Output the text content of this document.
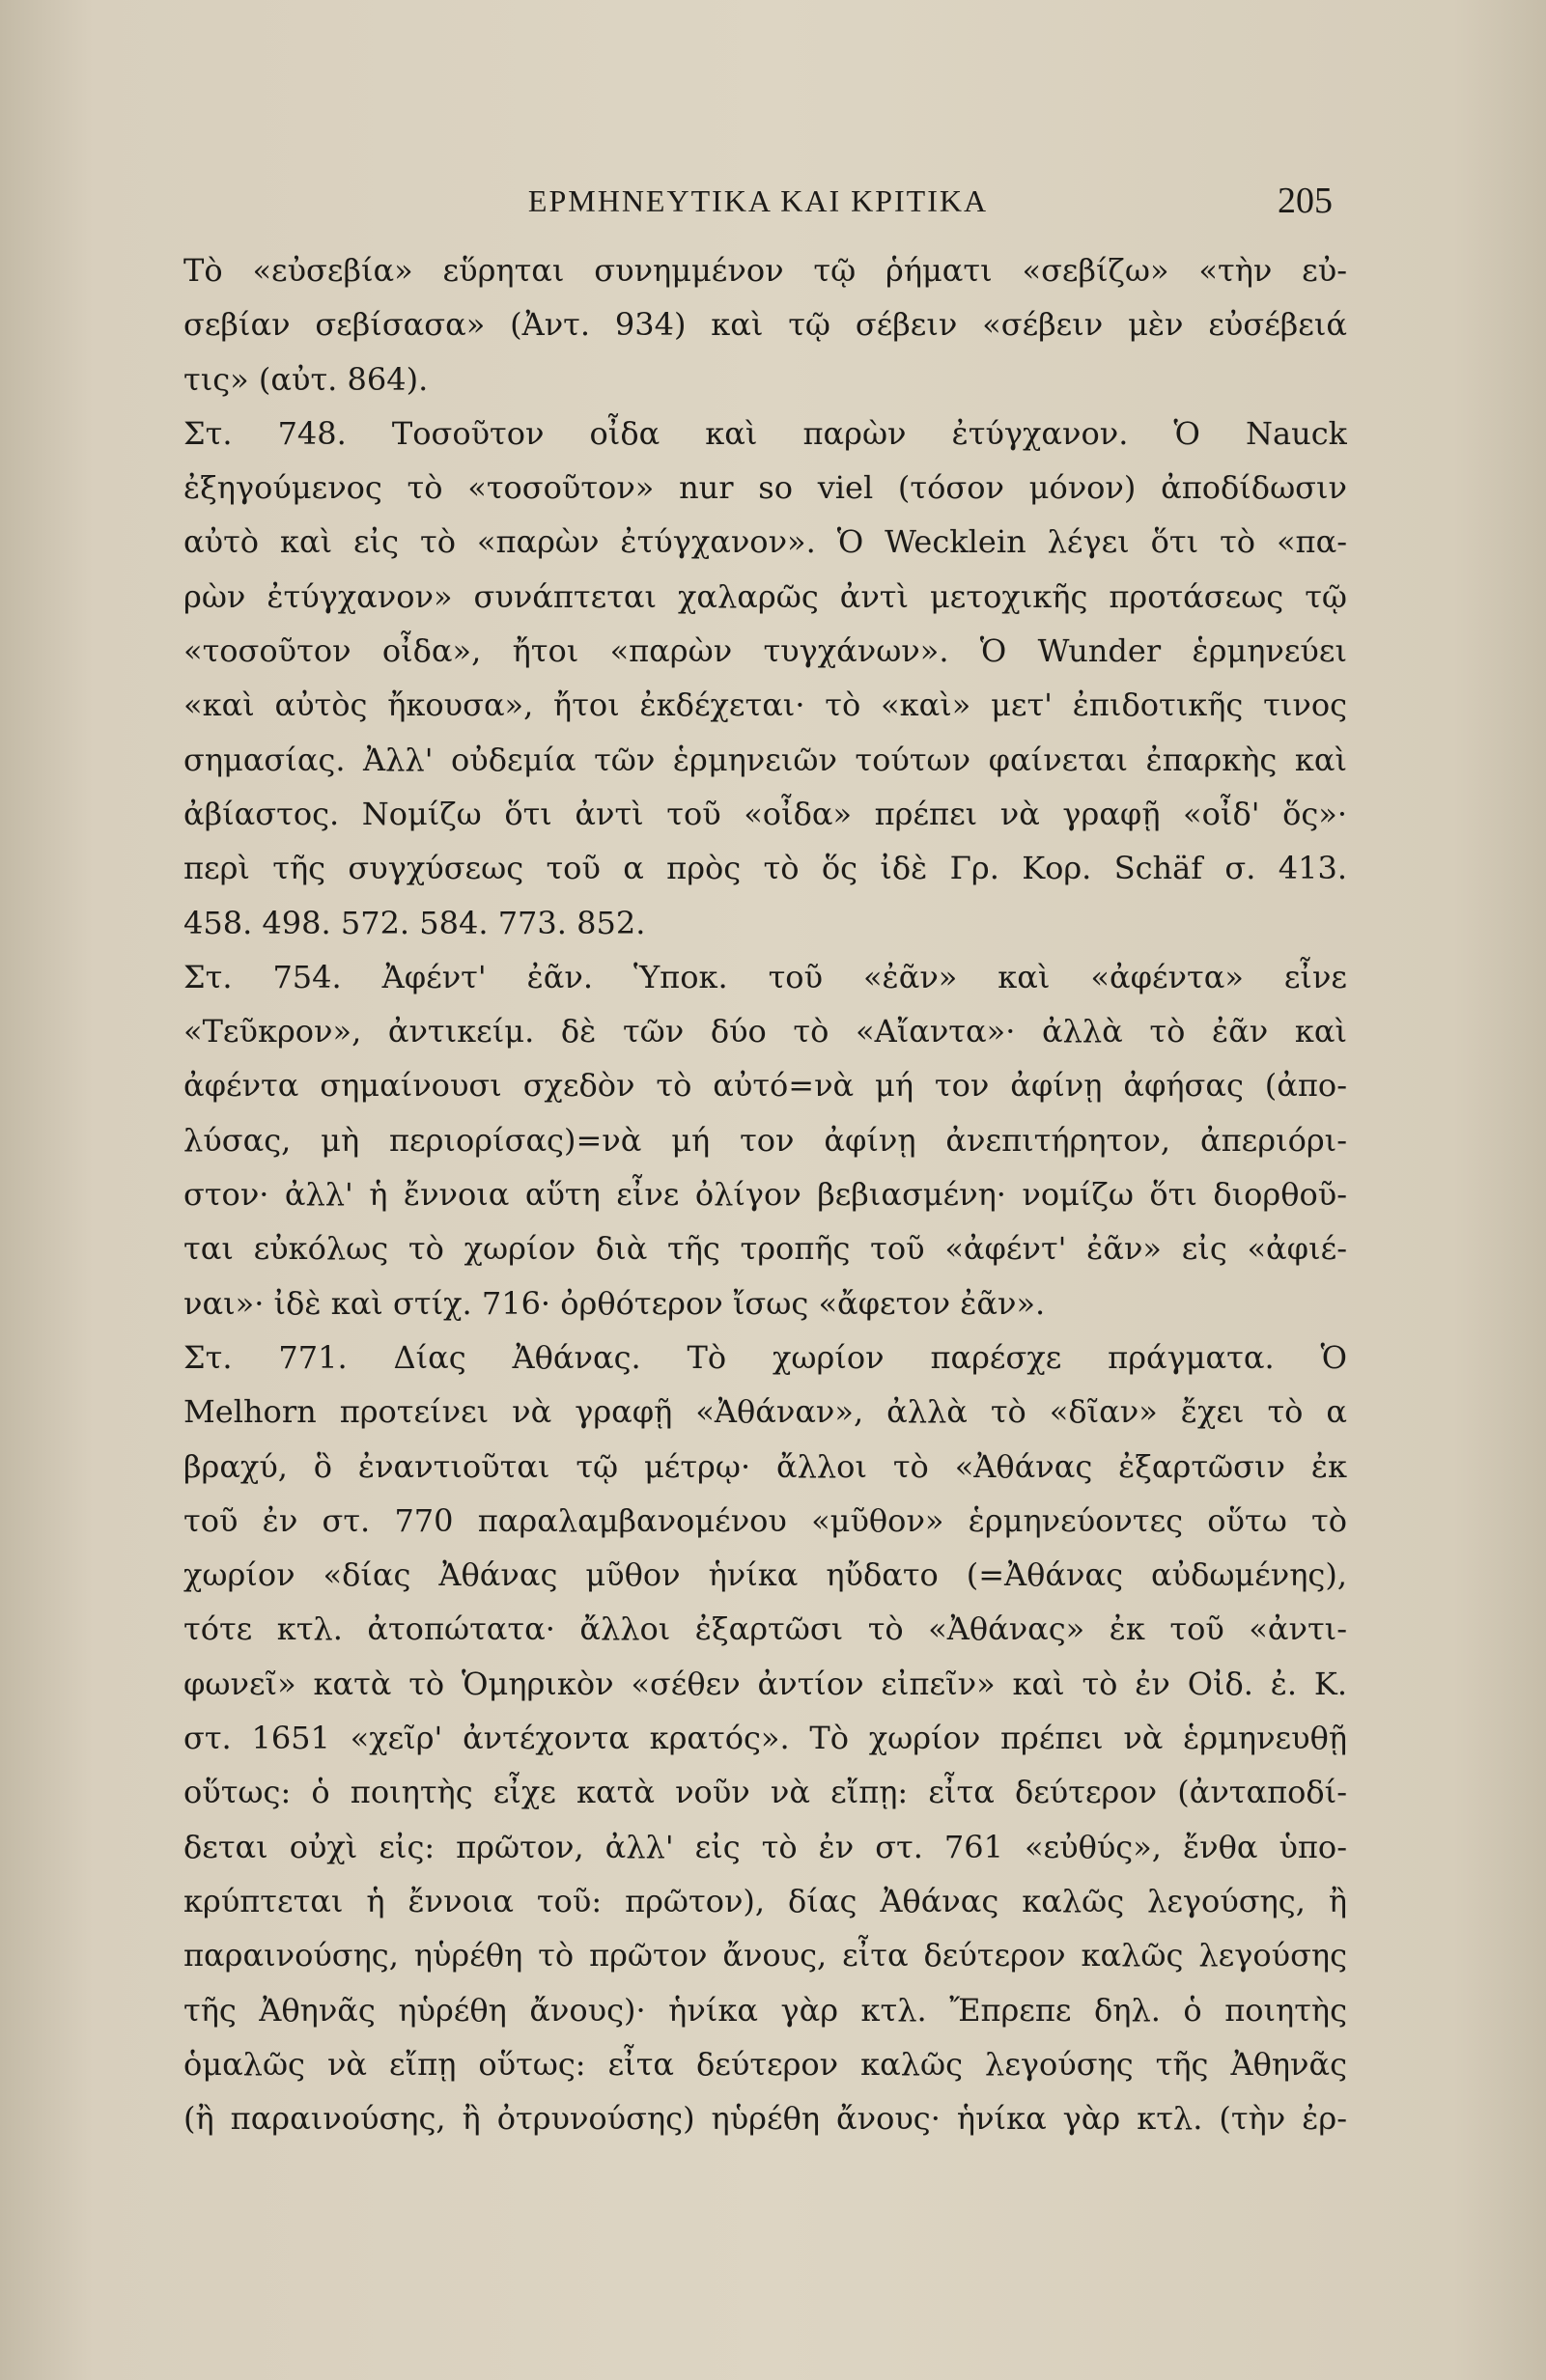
ΕΡΜΗΝΕΥΤΙΚΑ ΚΑΙ ΚΡΙΤΙΚΑ	205
Τὸ «εὐσεβία» εὕρηται συνημμένον τῷ ῥήματι «σεβίζω» «τὴν εὐ-
σεβίαν σεβίσασα» (Ἀντ. 934) καὶ τῷ σέβειν «σέβειν μὲν εὐσέβειά
τις» (αὐτ. 864).
Στ. 748. Τοσοῦτον οἶδα καὶ παρὼν ἐτύγχανον. Ὁ Nauck
ἐξηγούμενος τὸ «τοσοῦτον» nur so viel (τόσον μόνον) ἀποδίδωσιν
αὐτὸ καὶ εἰς τὸ «παρὼν ἐτύγχανον». Ὁ Wecklein λέγει ὅτι τὸ «πα-
ρὼν ἐτύγχανον» συνάπτεται χαλαρῶς ἀντὶ μετοχικῆς προτάσεως τῷ
«τοσοῦτον οἶδα», ἤτοι «παρὼν τυγχάνων». Ὁ Wunder ἑρμηνεύει
«καὶ αὐτὸς ἤκουσα», ἤτοι ἐκδέχεται· τὸ «καὶ» μετ' ἐπιδοτικῆς τινος
σημασίας. Ἀλλ' οὐδεμία τῶν ἑρμηνειῶν τούτων φαίνεται ἐπαρκὴς καὶ
ἀβίαστος. Νομίζω ὅτι ἀντὶ τοῦ «οἶδα» πρέπει νὰ γραφῇ «οἶδ' ὅς»·
περὶ τῆς συγχύσεως τοῦ α πρὸς τὸ ὅς ἰδὲ Γρ. Κορ. Schäf σ. 413.
458. 498. 572. 584. 773. 852.
Στ. 754. Ἀφέντ' ἐᾶν. Ὑποκ. τοῦ «ἐᾶν» καὶ «ἀφέντα» εἶνε
«Τεῦκρον», ἀντικείμ. δὲ τῶν δύο τὸ «Αἴαντα»· ἀλλὰ τὸ ἐᾶν καὶ
ἀφέντα σημαίνουσι σχεδὸν τὸ αὐτό=νὰ μή τον ἀφίνῃ ἀφήσας (ἀπο-
λύσας, μὴ περιορίσας)=νὰ μή τον ἀφίνῃ ἀνεπιτήρητον, ἀπεριόρι-
στον· ἀλλ' ἡ ἔννοια αὕτη εἶνε ὀλίγον βεβιασμένη· νομίζω ὅτι διορθοῦ-
ται εὐκόλως τὸ χωρίον διὰ τῆς τροπῆς τοῦ «ἀφέντ' ἐᾶν» εἰς «ἀφιέ-
ναι»· ἰδὲ καὶ στίχ. 716· ὀρθότερον ἴσως «ἄφετον ἐᾶν».
Στ. 771. Δίας Ἀθάνας. Τὸ χωρίον παρέσχε πράγματα. Ὁ
Melhorn προτείνει νὰ γραφῇ «Ἀθάναν», ἀλλὰ τὸ «δῖαν» ἔχει τὸ α
βραχύ, ὃ ἐναντιοῦται τῷ μέτρῳ· ἄλλοι τὸ «Ἀθάνας ἐξαρτῶσιν ἐκ
τοῦ ἐν στ. 770 παραλαμβανομένου «μῦθον» ἑρμηνεύοντες οὕτω τὸ
χωρίον «δίας Ἀθάνας μῦθον ἡνίκα ηὔδατο (=Ἀθάνας αὐδωμένης),
τότε κτλ. ἀτοπώτατα· ἄλλοι ἐξαρτῶσι τὸ «Ἀθάνας» ἐκ τοῦ «ἀντι-
φωνεῖ» κατὰ τὸ Ὁμηρικὸν «σέθεν ἀντίον εἰπεῖν» καὶ τὸ ἐν Οἰδ. ἐ. Κ.
στ. 1651 «χεῖρ' ἀντέχοντα κρατός». Τὸ χωρίον πρέπει νὰ ἑρμηνευθῇ
οὕτως: ὁ ποιητὴς εἶχε κατὰ νοῦν νὰ εἴπῃ: εἶτα δεύτερον (ἀνταποδί-
δεται οὐχὶ εἰς: πρῶτον, ἀλλ' εἰς τὸ ἐν στ. 761 «εὐθύς», ἔνθα ὑπο-
κρύπτεται ἡ ἔννοια τοῦ: πρῶτον), δίας Ἀθάνας καλῶς λεγούσης, ἢ
παραινούσης, ηὑρέθη τὸ πρῶτον ἄνους, εἶτα δεύτερον καλῶς λεγούσης
τῆς Ἀθηνᾶς ηὑρέθη ἄνους)· ἡνίκα γὰρ κτλ. Ἔπρεπε δηλ. ὁ ποιητὴς
ὁμαλῶς νὰ εἴπῃ οὕτως: εἶτα δεύτερον καλῶς λεγούσης τῆς Ἀθηνᾶς
(ἢ παραινούσης, ἢ ὀτρυνούσης) ηὑρέθη ἄνους· ἡνίκα γὰρ κτλ. (τὴν ἐρ-
